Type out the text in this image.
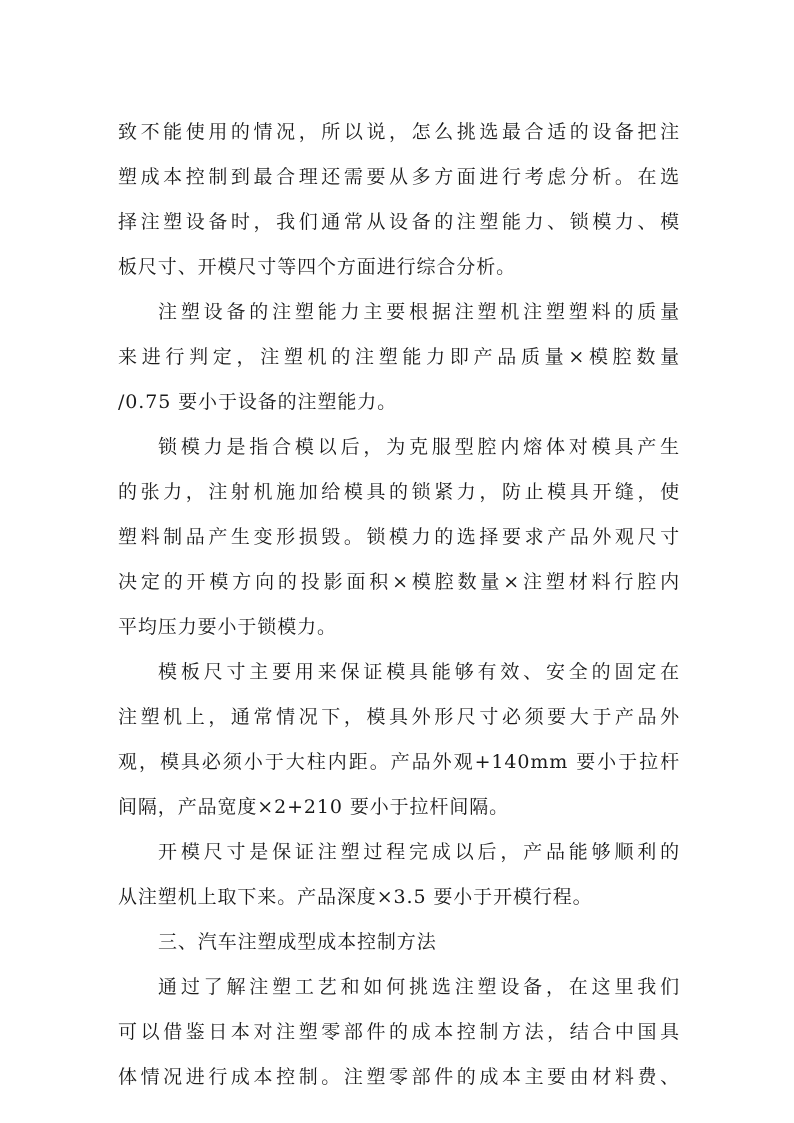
致不能使用的情况，所以说，怎么挑选最合适的设备把注
塑成本控制到最合理还需要从多方面进行考虑分析。在选
择注塑设备时，我们通常从设备的注塑能力、锁模力、模
板尺寸、开模尺寸等四个方面进行综合分析。
注塑设备的注塑能力主要根据注塑机注塑塑料的质量
来进行判定，注塑机的注塑能力即产品质量×模腔数量
/0.75 要小于设备的注塑能力。
锁模力是指合模以后，为克服型腔内熔体对模具产生
的张力，注射机施加给模具的锁紧力，防止模具开缝，使
塑料制品产生变形损毁。锁模力的选择要求产品外观尺寸
决定的开模方向的投影面积×模腔数量×注塑材料行腔内
平均压力要小于锁模力。
模板尺寸主要用来保证模具能够有效、安全的固定在
注塑机上，通常情况下，模具外形尺寸必须要大于产品外
观，模具必须小于大柱内距。产品外观+140mm 要小于拉杆
间隔，产品宽度×2+210 要小于拉杆间隔。
开模尺寸是保证注塑过程完成以后，产品能够顺利的
从注塑机上取下来。产品深度×3.5 要小于开模行程。
三、汽车注塑成型成本控制方法
通过了解注塑工艺和如何挑选注塑设备，在这里我们
可以借鉴日本对注塑零部件的成本控制方法，结合中国具
体情况进行成本控制。注塑零部件的成本主要由材料费、
